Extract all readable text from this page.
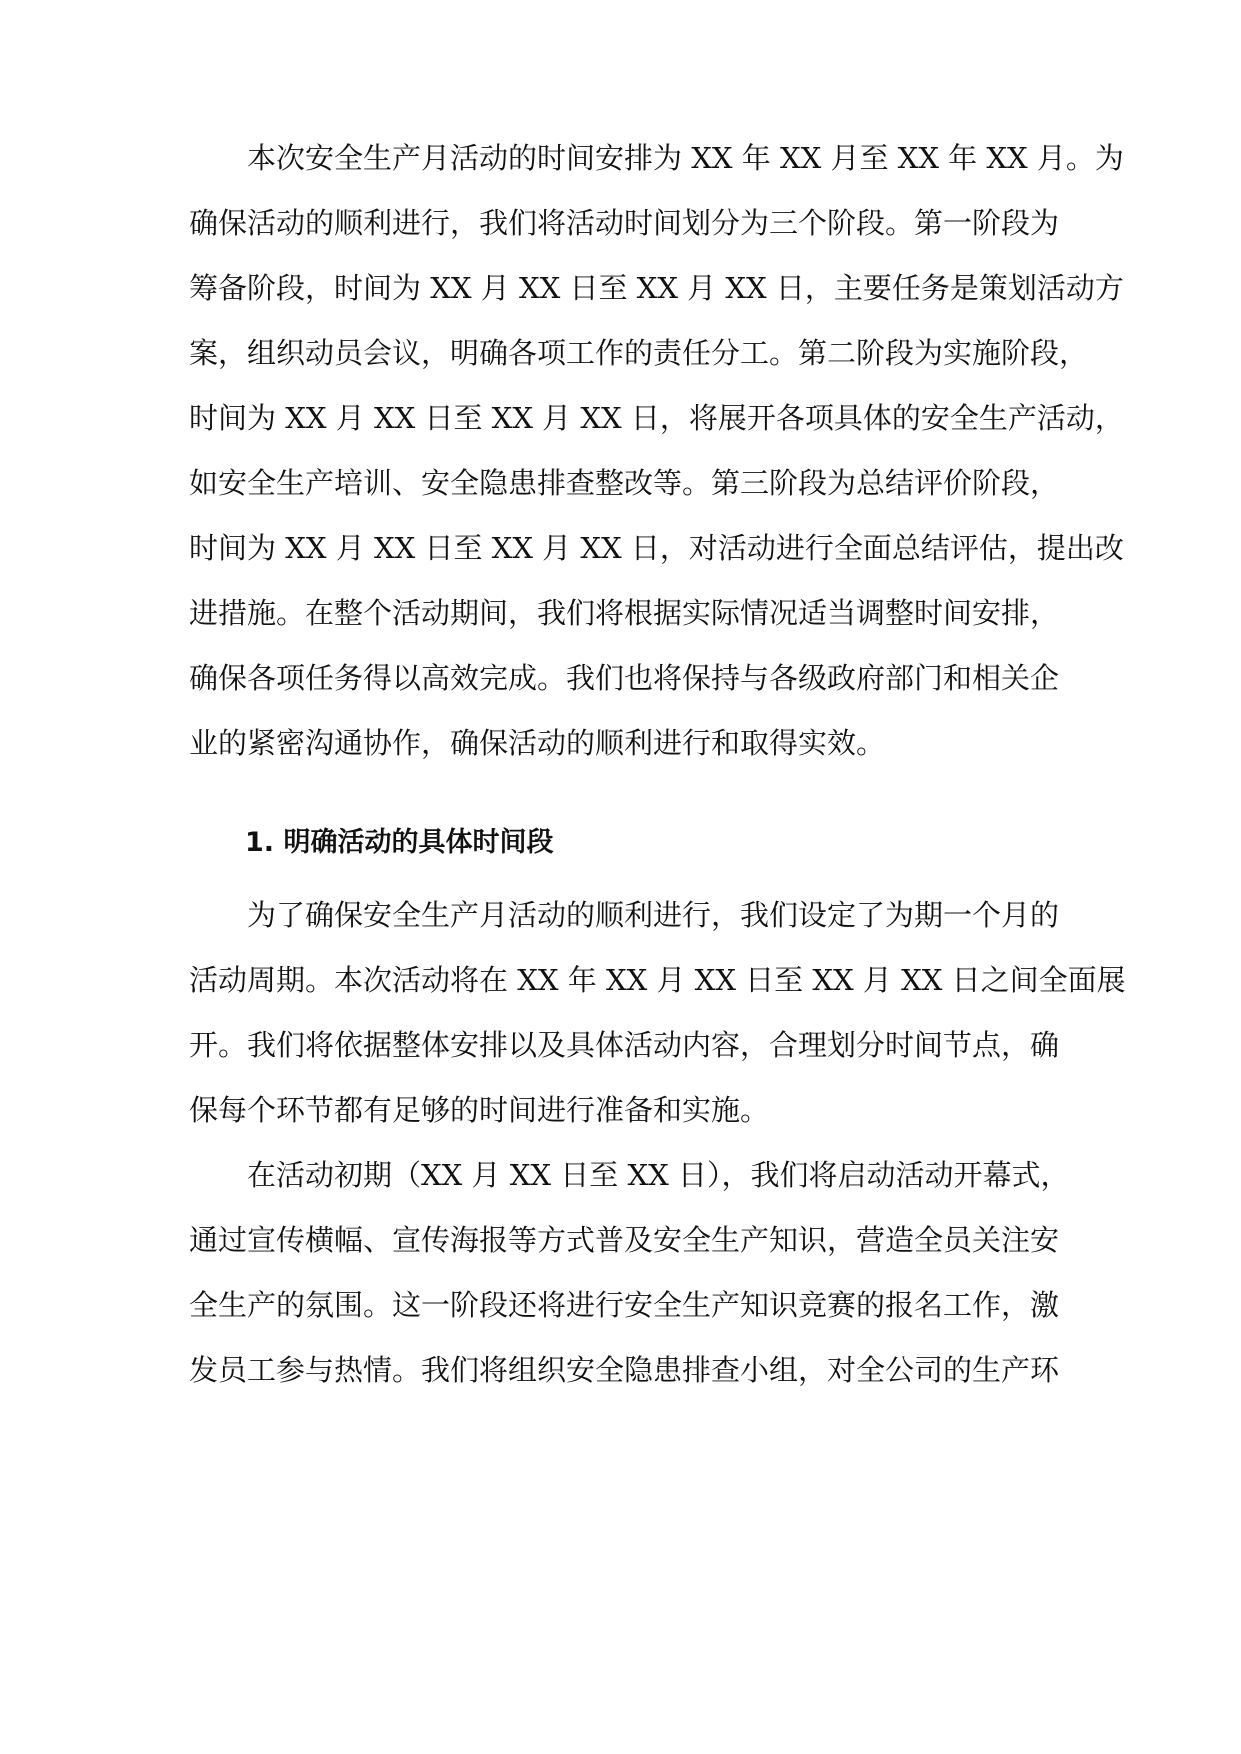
本次安全生产月活动的时间安排为 XX 年 XX 月至 XX 年 XX 月。为
确保活动的顺利进行，我们将活动时间划分为三个阶段。第一阶段为
筹备阶段，时间为 XX 月 XX 日至 XX 月 XX 日，主要任务是策划活动方
案，组织动员会议，明确各项工作的责任分工。第二阶段为实施阶段，
时间为 XX 月 XX 日至 XX 月 XX 日，将展开各项具体的安全生产活动，
如安全生产培训、安全隐患排查整改等。第三阶段为总结评价阶段，
时间为 XX 月 XX 日至 XX 月 XX 日，对活动进行全面总结评估，提出改
进措施。在整个活动期间，我们将根据实际情况适当调整时间安排，
确保各项任务得以高效完成。我们也将保持与各级政府部门和相关企
业的紧密沟通协作，确保活动的顺利进行和取得实效。
1. 明确活动的具体时间段
为了确保安全生产月活动的顺利进行，我们设定了为期一个月的
活动周期。本次活动将在 XX 年 XX 月 XX 日至 XX 月 XX 日之间全面展
开。我们将依据整体安排以及具体活动内容，合理划分时间节点，确
保每个环节都有足够的时间进行准备和实施。
在活动初期（XX 月 XX 日至 XX 日），我们将启动活动开幕式，
通过宣传横幅、宣传海报等方式普及安全生产知识，营造全员关注安
全生产的氛围。这一阶段还将进行安全生产知识竞赛的报名工作，激
发员工参与热情。我们将组织安全隐患排查小组，对全公司的生产环
